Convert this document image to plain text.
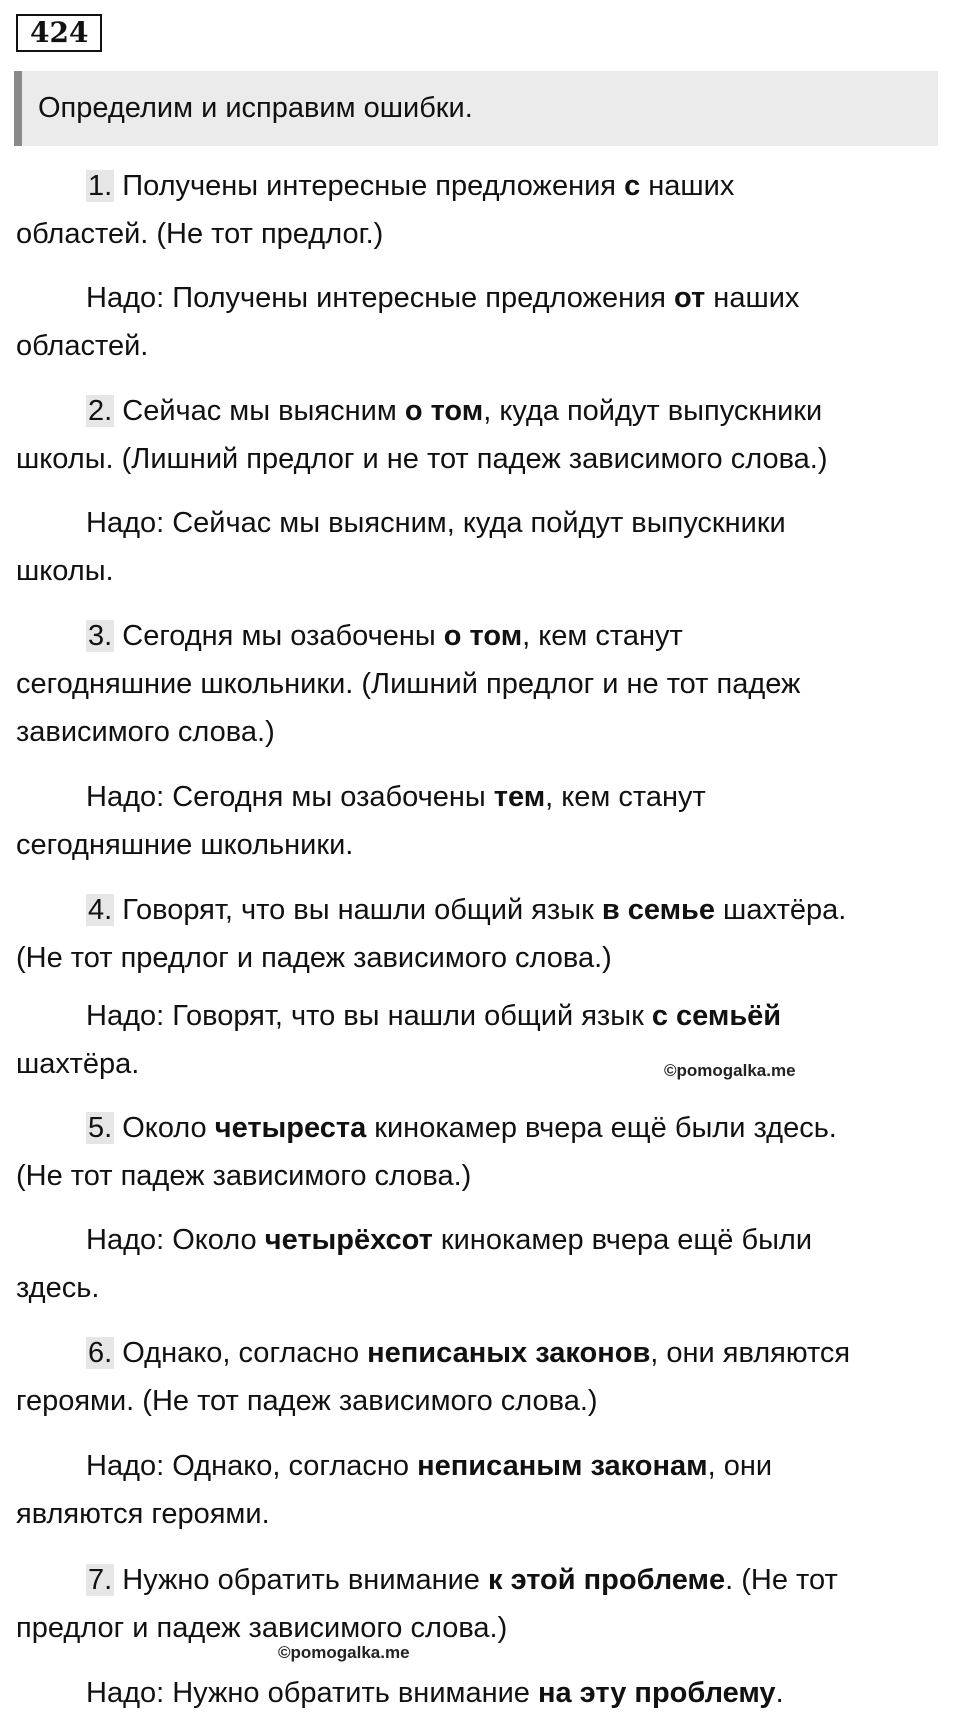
424
Определим и исправим ошибки.
1. Получены интересные предложения с наших
областей. (Не тот предлог.)
Надо: Получены интересные предложения от наших
областей.
2. Сейчас мы выясним о том, куда пойдут выпускники
школы. (Лишний предлог и не тот падеж зависимого слова.)
Надо: Сейчас мы выясним, куда пойдут выпускники
школы.
3. Сегодня мы озабочены о том, кем станут
сегодняшние школьники. (Лишний предлог и не тот падеж
зависимого слова.)
Надо: Сегодня мы озабочены тем, кем станут
сегодняшние школьники.
4. Говорят, что вы нашли общий язык в семье шахтёра.
(Не тот предлог и падеж зависимого слова.)
Надо: Говорят, что вы нашли общий язык с семьёй
шахтёра.	©pomogalka.me
5. Около четыреста кинокамер вчера ещё были здесь.
(Не тот падеж зависимого слова.)
Надо: Около четырёхсот кинокамер вчера ещё были
здесь.
6. Однако, согласно неписаных законов, они являются
героями. (Не тот падеж зависимого слова.)
Надо: Однако, согласно неписаным законам, они
являются героями.
7. Нужно обратить внимание к этой проблеме. (Не тот
предлог и падеж зависимого слова.)
©pomogalka.me
Надо: Нужно обратить внимание на эту проблему.
